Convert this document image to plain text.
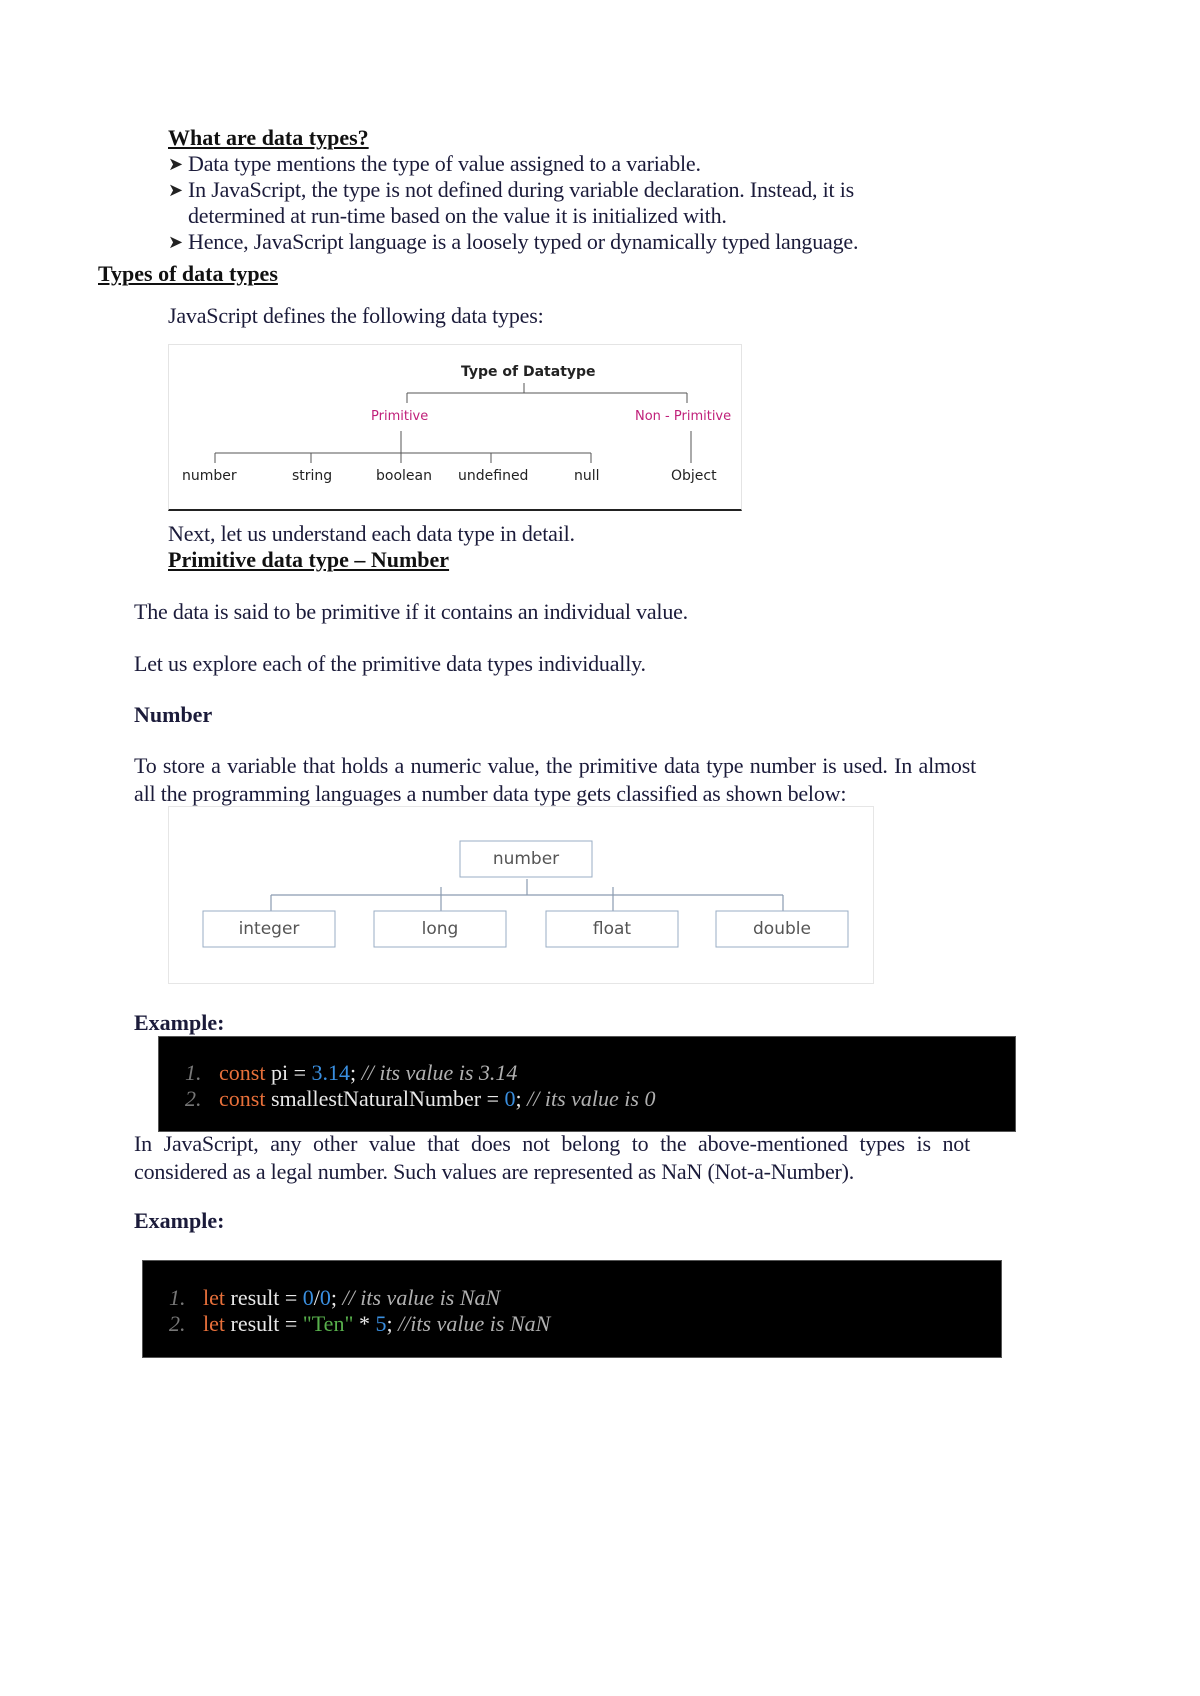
What are data types?
➤ Data type mentions the type of value assigned to a variable.
➤ In JavaScript, the type is not defined during variable declaration. Instead, it is
determined at run-time based on the value it is initialized with.
➤ Hence, JavaScript language is a loosely typed or dynamically typed language.
Types of data types
JavaScript defines the following data types:
Type of Datatype
Primitive	Non - Primitive
number	string	boolean undefined	null	Object
Next, let us understand each data type in detail.
Primitive data type – Number
The data is said to be primitive if it contains an individual value.
Let us explore each of the primitive data types individually.
Number
To store a variable that holds a numeric value, the primitive data type number is used. In almost all the programming languages a number data type gets classified as shown below:
number
integer	long	float	double
Example:
1. const pi = 3.14; // its value is 3.14
2. const smallestNaturalNumber = 0; // its value is 0
In JavaScript, any other value that does not belong to the above-mentioned types is not considered as a legal number. Such values are represented as NaN (Not-a-Number).
Example:
1. let result = 0/0; // its value is NaN
2. let result = "Ten" * 5; //its value is NaN
